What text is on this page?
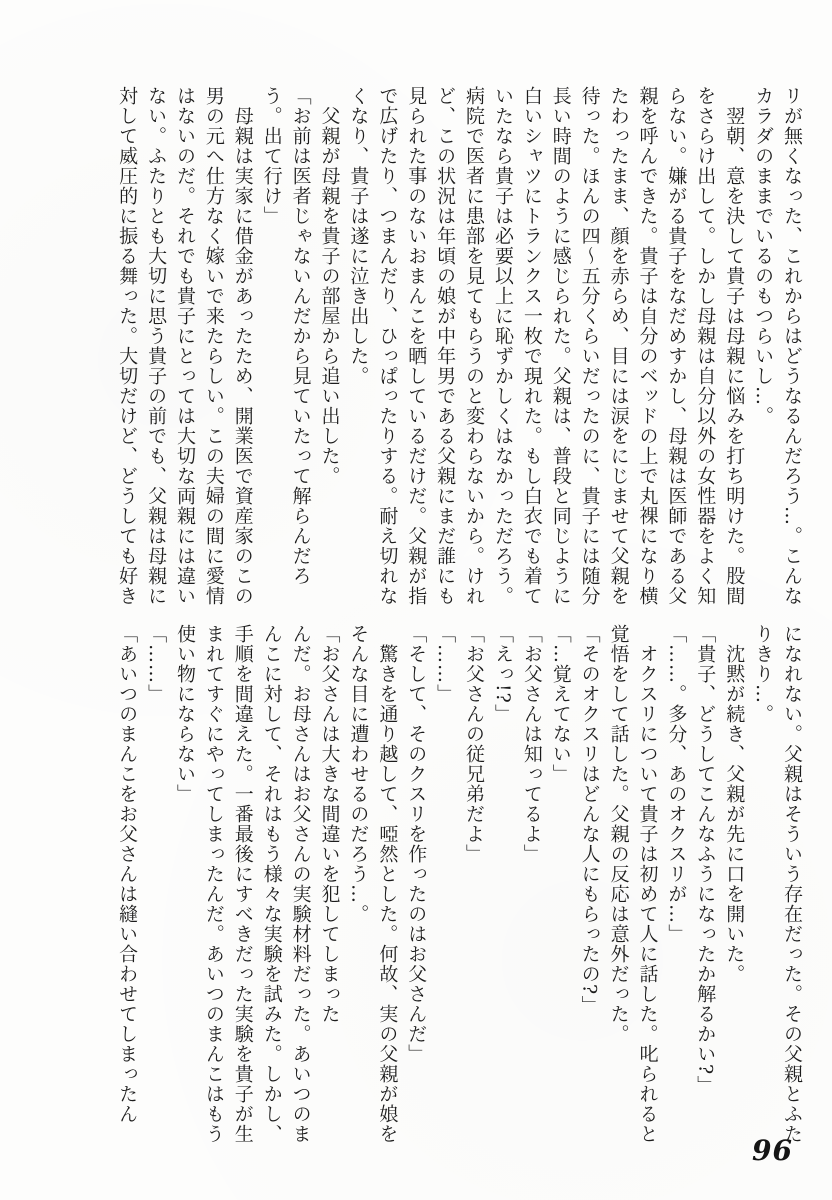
リが無くなった、これからはどうなるんだろう…。こんな

カラダのままでいるのもつらいし…。

　翌朝、意を決して貴子は母親に悩みを打ち明けた。股間

をさらけ出して。しかし母親は自分以外の女性器をよく知

らない。嫌がる貴子をなだめすかし、母親は医師である父

親を呼んできた。貴子は自分のベッドの上で丸裸になり横

たわったまま、顔を赤らめ、目には涙をにじませて父親を

待った。ほんの四～五分くらいだったのに、貴子には随分

長い時間のように感じられた。父親は、普段と同じように

白いシャツにトランクス一枚で現れた。もし白衣でも着て

いたなら貴子は必要以上に恥ずかしくはなかっただろう。

病院で医者に患部を見てもらうのと変わらないから。けれ

ど、この状況は年頃の娘が中年男である父親にまだ誰にも

見られた事のないおまんこを晒しているだけだ。父親が指

で広げたり、つまんだり、ひっぱったりする。耐え切れな

くなり、貴子は遂に泣き出した。

　父親が母親を貴子の部屋から追い出した。

「お前は医者じゃないんだから見ていたって解らんだろ

う。出て行け」

　母親は実家に借金があったため、開業医で資産家のこの

男の元へ仕方なく嫁いで来たらしい。この夫婦の間に愛情

はないのだ。それでも貴子にとっては大切な両親には違い

ない。ふたりとも大切に思う貴子の前でも、父親は母親に

対して威圧的に振る舞った。大切だけど、どうしても好き

になれない。父親はそういう存在だった。その父親とふた

りきり…。

　沈黙が続き、父親が先に口を開いた。

「貴子、どうしてこんなふうになったか解るかい?」

「……。多分、あのオクスリが…」

　オクスリについて貴子は初めて人に話した。叱られると

覚悟をして話した。父親の反応は意外だった。

「そのオクスリはどんな人にもらったの?」

「…覚えてない」

「お父さんは知ってるよ」

「えっ!?」

「お父さんの従兄弟だよ」

「……」

「そして、そのクスリを作ったのはお父さんだ」

　驚きを通り越して、啞然とした。何故、実の父親が娘を

そんな目に遭わせるのだろう…。

「お父さんは大きな間違いを犯してしまった

んだ。お母さんはお父さんの実験材料だった。あいつのま

んこに対して、それはもう様々な実験を試みた。しかし、

手順を間違えた。一番最後にすべきだった実験を貴子が生

まれてすぐにやってしまったんだ。あいつのまんこはもう

使い物にならない」

「……」

「あいつのまんこをお父さんは縫い合わせてしまったん

96
